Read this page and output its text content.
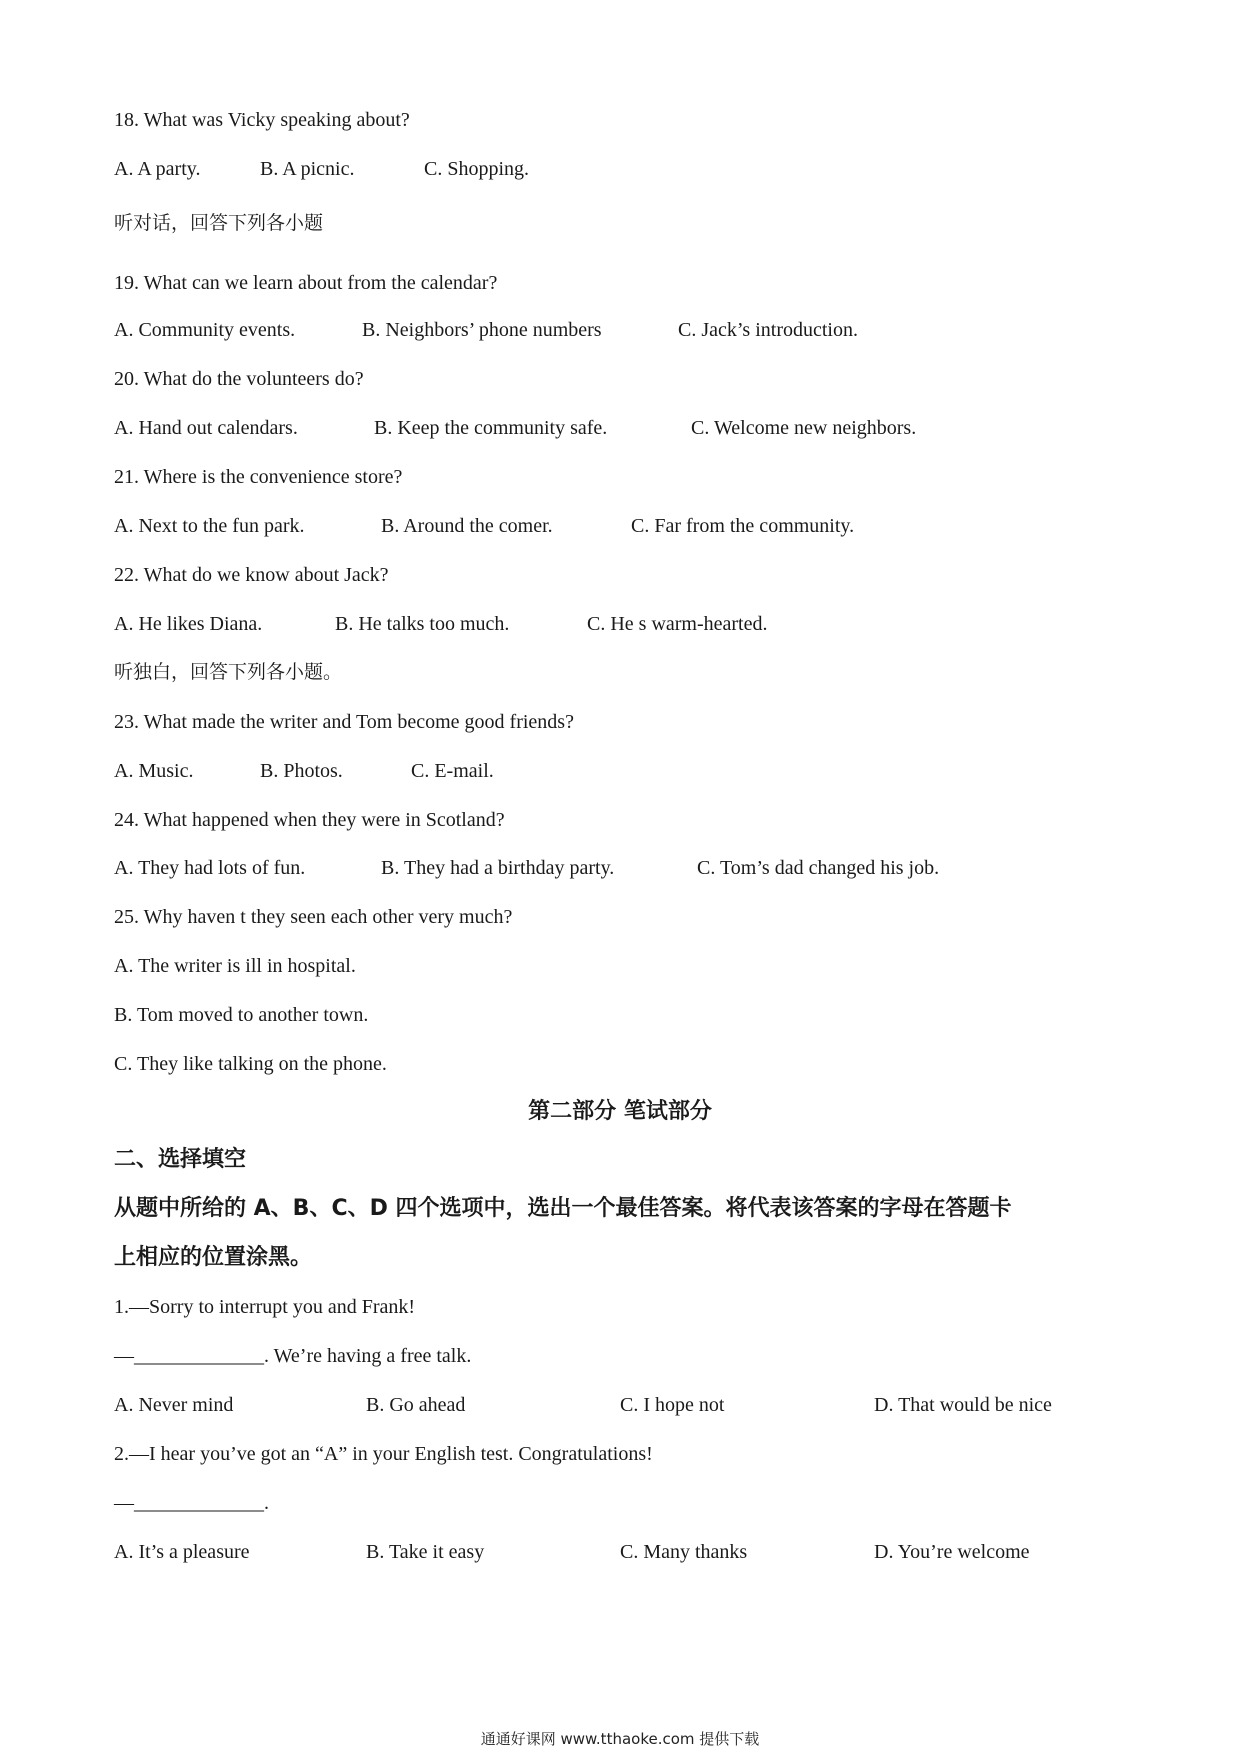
18. What was Vicky speaking about?
A. A party.	B. A picnic.	C. Shopping.
听对话，回答下列各小题
19. What can we learn about from the calendar?
A. Community events.	B. Neighbors’ phone numbers	C. Jack’s introduction.
20. What do the volunteers do?
A. Hand out calendars.	B. Keep the community safe.	C. Welcome new neighbors.
21. Where is the convenience store?
A. Next to the fun park.	B. Around the comer.	C. Far from the community.
22. What do we know about Jack?
A. He likes Diana.	B. He talks too much.	C. He s warm-hearted.
听独白，回答下列各小题。
23. What made the writer and Tom become good friends?
A. Music.	B. Photos.	C. E-mail.
24. What happened when they were in Scotland?
A. They had lots of fun.	B. They had a birthday party.	C. Tom’s dad changed his job.
25. Why haven t they seen each other very much?
A. The writer is ill in hospital.
B. Tom moved to another town.
C. They like talking on the phone.
第二部分 笔试部分
二、选择填空
从题中所给的 A、B、C、D 四个选项中，选出一个最佳答案。将代表该答案的字母在答题卡
上相应的位置涂黑。
1.—Sorry to interrupt you and Frank!
—_____________. We’re having a free talk.
A. Never mind	B. Go ahead	C. I hope not	D. That would be nice
2.—I hear you’ve got an “A” in your English test. Congratulations!
—_____________.
A. It’s a pleasure	B. Take it easy	C. Many thanks	D. You’re welcome
通通好课网 www.tthaoke.com 提供下载
